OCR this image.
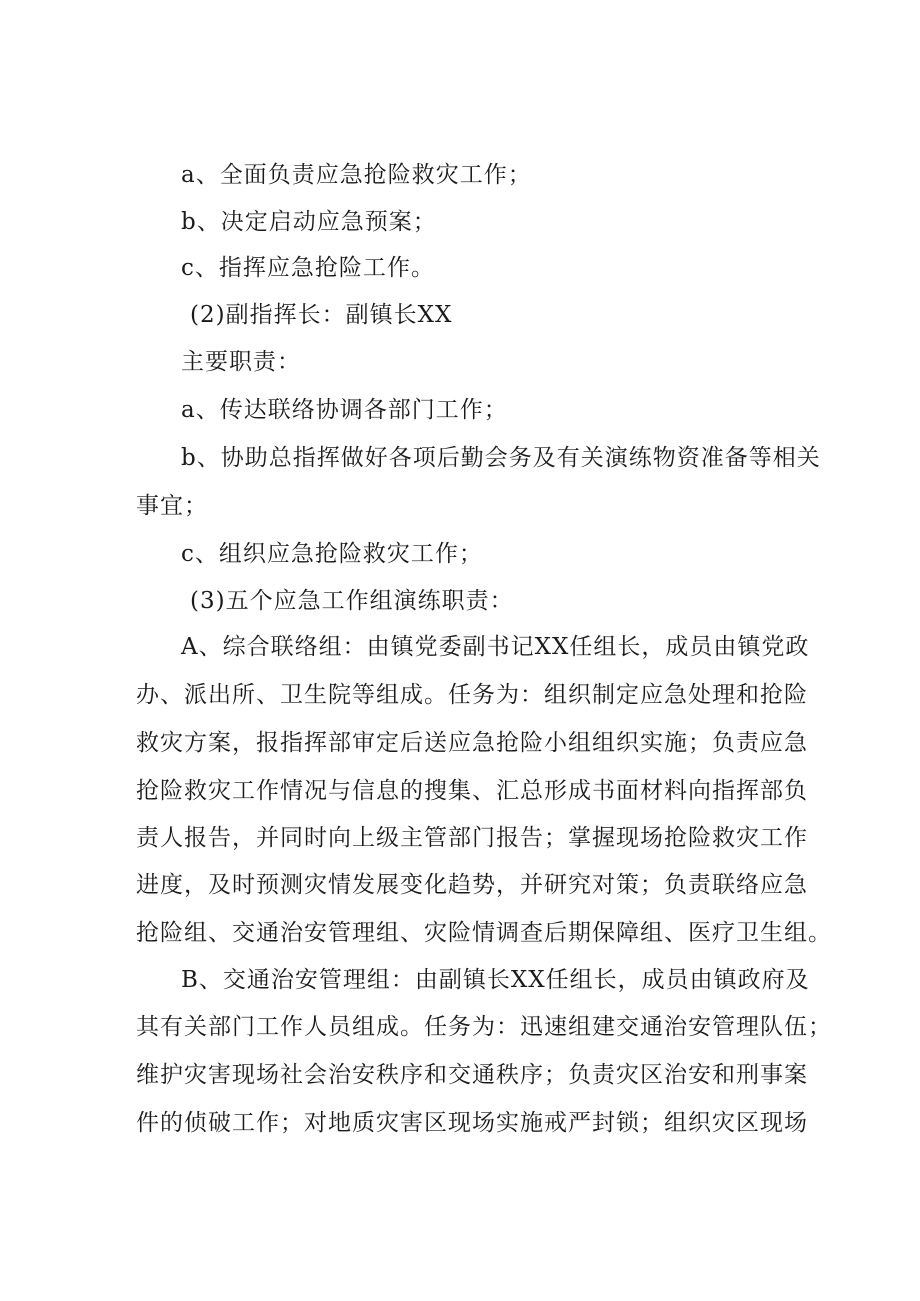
a、全面负责应急抢险救灾工作；
b、决定启动应急预案；
c、指挥应急抢险工作。
(2)副指挥长：副镇长XX
主要职责：
a、传达联络协调各部门工作；
b、协助总指挥做好各项后勤会务及有关演练物资准备等相关
事宜；
c、组织应急抢险救灾工作；
(3)五个应急工作组演练职责：
A、综合联络组：由镇党委副书记XX任组长，成员由镇党政
办、派出所、卫生院等组成。任务为：组织制定应急处理和抢险
救灾方案，报指挥部审定后送应急抢险小组组织实施；负责应急
抢险救灾工作情况与信息的搜集、汇总形成书面材料向指挥部负
责人报告，并同时向上级主管部门报告；掌握现场抢险救灾工作
进度，及时预测灾情发展变化趋势，并研究对策；负责联络应急
抢险组、交通治安管理组、灾险情调查后期保障组、医疗卫生组。
B、交通治安管理组：由副镇长XX任组长，成员由镇政府及
其有关部门工作人员组成。任务为：迅速组建交通治安管理队伍；
维护灾害现场社会治安秩序和交通秩序；负责灾区治安和刑事案
件的侦破工作；对地质灾害区现场实施戒严封锁；组织灾区现场
